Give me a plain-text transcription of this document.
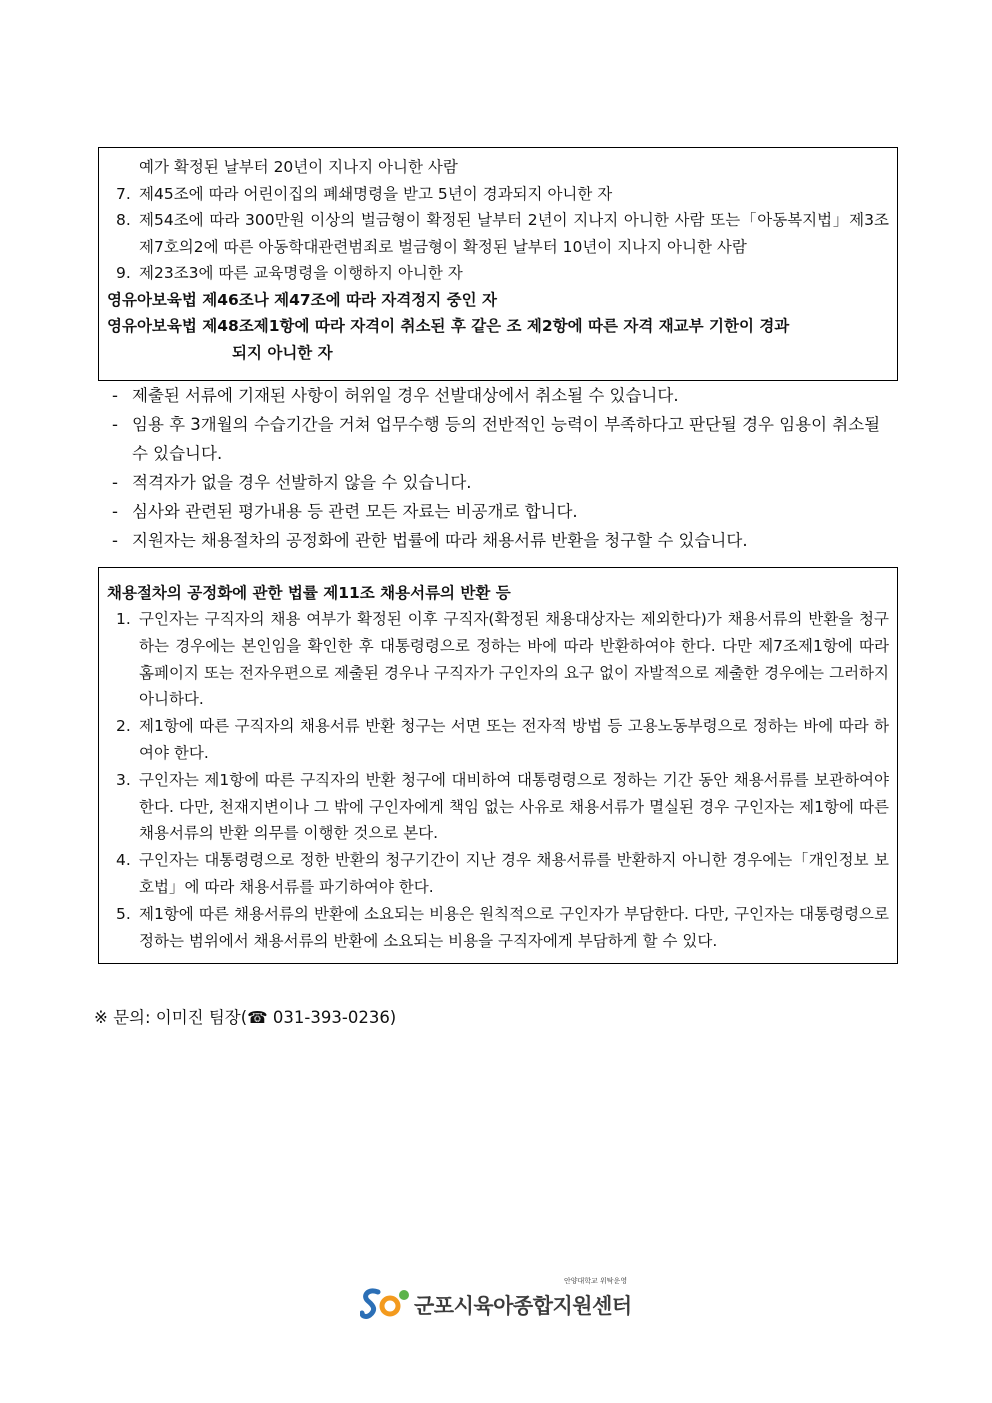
예가 확정된 날부터 20년이 지나지 아니한 사람
7. 제45조에 따라 어린이집의 폐쇄명령을 받고 5년이 경과되지 아니한 자
8. 제54조에 따라 300만원 이상의 벌금형이 확정된 날부터 2년이 지나지 아니한 사람 또는「아동복지법」제3조제7호의2에 따른 아동학대관련범죄로 벌금형이 확정된 날부터 10년이 지나지 아니한 사람
9. 제23조3에 따른 교육명령을 이행하지 아니한 자
영유아보육법 제46조나 제47조에 따라 자격정지 중인 자
영유아보육법 제48조제1항에 따라 자격이 취소된 후 같은 조 제2항에 따른 자격 재교부 기한이 경과
되지 아니한 자
- 제출된 서류에 기재된 사항이 허위일 경우 선발대상에서 취소될 수 있습니다.
- 임용 후 3개월의 수습기간을 거쳐 업무수행 등의 전반적인 능력이 부족하다고 판단될 경우 임용이 취소될 수 있습니다.
- 적격자가 없을 경우 선발하지 않을 수 있습니다.
- 심사와 관련된 평가내용 등 관련 모든 자료는 비공개로 합니다.
- 지원자는 채용절차의 공정화에 관한 법률에 따라 채용서류 반환을 청구할 수 있습니다.
채용절차의 공정화에 관한 법률 제11조 채용서류의 반환 등
1. 구인자는 구직자의 채용 여부가 확정된 이후 구직자(확정된 채용대상자는 제외한다)가 채용서류의 반환을 청구하는 경우에는 본인임을 확인한 후 대통령령으로 정하는 바에 따라 반환하여야 한다. 다만 제7조제1항에 따라 홈페이지 또는 전자우편으로 제출된 경우나 구직자가 구인자의 요구 없이 자발적으로 제출한 경우에는 그러하지 아니하다.
2. 제1항에 따른 구직자의 채용서류 반환 청구는 서면 또는 전자적 방법 등 고용노동부령으로 정하는 바에 따라 하여야 한다.
3. 구인자는 제1항에 따른 구직자의 반환 청구에 대비하여 대통령령으로 정하는 기간 동안 채용서류를 보관하여야 한다. 다만, 천재지변이나 그 밖에 구인자에게 책임 없는 사유로 채용서류가 멸실된 경우 구인자는 제1항에 따른 채용서류의 반환 의무를 이행한 것으로 본다.
4. 구인자는 대통령령으로 정한 반환의 청구기간이 지난 경우 채용서류를 반환하지 아니한 경우에는「개인정보 보호법」에 따라 채용서류를 파기하여야 한다.
5. 제1항에 따른 채용서류의 반환에 소요되는 비용은 원칙적으로 구인자가 부담한다. 다만, 구인자는 대통령령으로 정하는 범위에서 채용서류의 반환에 소요되는 비용을 구직자에게 부담하게 할 수 있다.
※ 문의: 이미진 팀장(☎ 031-393-0236)
안양대학교 위탁운영
군포시육아종합지원센터
